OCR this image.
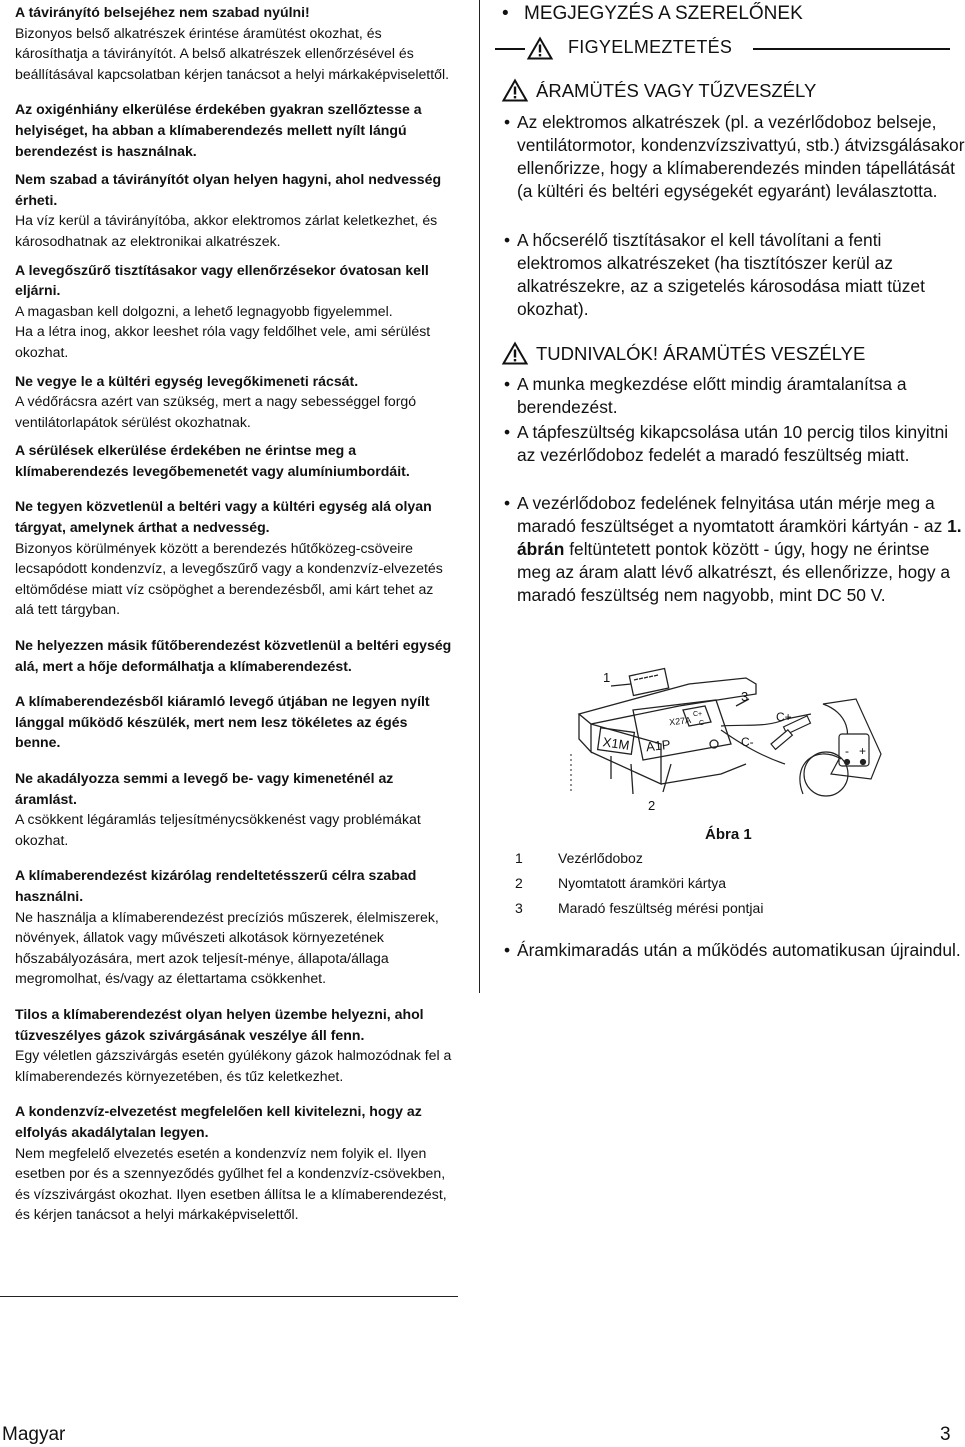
A távirányító belsejéhez nem szabad nyúlni!

Bizonyos belső alkatrészek érintése áramütést okozhat, és károsíthatja a távirányítót. A belső alkatrészek ellenőrzésével és beállításával kapcsolatban kérjen tanácsot a helyi márkaképviselettől.

Az oxigénhiány elkerülése érdekében gyakran szellőztesse a helyiséget, ha abban a klímaberendezés mellett nyílt lángú berendezést is használnak.

Nem szabad a távirányítót olyan helyen hagyni, ahol nedvesség érheti.

Ha víz kerül a távirányítóba, akkor elektromos zárlat keletkezhet, és károsodhatnak az elektronikai alkatrészek.

A levegőszűrő tisztításakor vagy ellenőrzésekor óvatosan kell eljárni.

A magasban kell dolgozni, a lehető legnagyobb figyelemmel.

Ha a létra inog, akkor leeshet róla vagy feldőlhet vele, ami sérülést okozhat.

Ne vegye le a kültéri egység levegőkimeneti rácsát.

A védőrácsra azért van szükség, mert a nagy sebességgel forgó ventilátorlapátok sérülést okozhatnak.

A sérülések elkerülése érdekében ne érintse meg a klímaberendezés levegőbemenetét vagy alumíniumbordáit.

Ne tegyen közvetlenül a beltéri vagy a kültéri egység alá olyan tárgyat, amelynek árthat a nedvesség.

Bizonyos körülmények között a berendezés hűtőközeg-csöveire lecsapódott kondenzvíz, a levegőszűrő vagy a kondenzvíz-elvezetés eltömődése miatt víz csöpöghet a berendezésből, ami kárt tehet az alá tett tárgyban.

Ne helyezzen másik fűtőberendezést közvetlenül a beltéri egység alá, mert a hője deformálhatja a klímaberendezést.

A klímaberendezésből kiáramló levegő útjában ne legyen nyílt lánggal működő készülék, mert nem lesz tökéletes az égés benne.

Ne akadályozza semmi a levegő be- vagy kimeneténél az áramlást.

A csökkent légáramlás teljesítménycsökkenést vagy problémákat okozhat.

A klímaberendezést kizárólag rendeltetésszerű célra szabad használni.

Ne használja a klímaberendezést precíziós műszerek, élelmiszerek, növények, állatok vagy művészeti alkotások környezetének hőszabályozására, mert azok teljesít-ménye, állapota/állaga megromolhat, és/vagy az élettartama csökkenhet.

Tilos a klímaberendezést olyan helyen üzembe helyezni, ahol tűzveszélyes gázok szivárgásának veszélye áll fenn.

Egy véletlen gázszivárgás esetén gyúlékony gázok halmozódnak fel a klímaberendezés környezetében, és tűz keletkezhet.

A kondenzvíz-elvezetést megfelelően kell kivitelezni, hogy az elfolyás akadálytalan legyen.

Nem megfelelő elvezetés esetén a kondenzvíz nem folyik el. Ilyen esetben por és a szennyeződés gyűlhet fel a kondenzvíz-csövekben, és vízszivárgást okozhat. Ilyen esetben állítsa le a klímaberendezést, és kérjen tanácsot a helyi márkaképviselettől.

• MEGJEGYZÉS A SZERELŐNEK
FIGYELMEZTETÉS
ÁRAMÜTÉS VAGY TŰZVESZÉLY
• Az elektromos alkatrészek (pl. a vezérlődoboz belseje, ventilátormotor, kondenzvízszivattyú, stb.) átvizsgálásakor ellenőrizze, hogy a klímaberendezés minden tápellátását (a kültéri és beltéri egységekét egyaránt) leválasztotta.
• A hőcserélő tisztításakor el kell távolítani a fenti elektromos alkatrészeket (ha tisztítószer kerül az alkatrészekre, az a szigetelés károsodása miatt tüzet okozhat).
TUDNIVALÓK! ÁRAMÜTÉS VESZÉLYE
• A munka megkezdése előtt mindig áramtalanítsa a berendezést.
• A tápfeszültség kikapcsolása után 10 percig tilos kinyitni az vezérlődoboz fedelét a maradó feszültség miatt.
• A vezérlődoboz fedelének felnyitása után mérje meg a maradó feszültséget a nyomtatott áramköri kártyán - az 1. ábrán feltüntetett pontok között - úgy, hogy ne érintse meg az áram alatt lévő alkatrészt, és ellenőrizze, hogy a maradó feszültség nem nagyobb, mint DC 50 V.
• Áramkimaradás után a működés automatikusan újraindul.
1
2
3
X1M A1P
X27A
C+
C-	C+
C-
- +
Ábra 1
1	Vezérlődoboz
2	Nyomtatott áramköri kártya
3	Maradó feszültség mérési pontjai
Magyar	3
